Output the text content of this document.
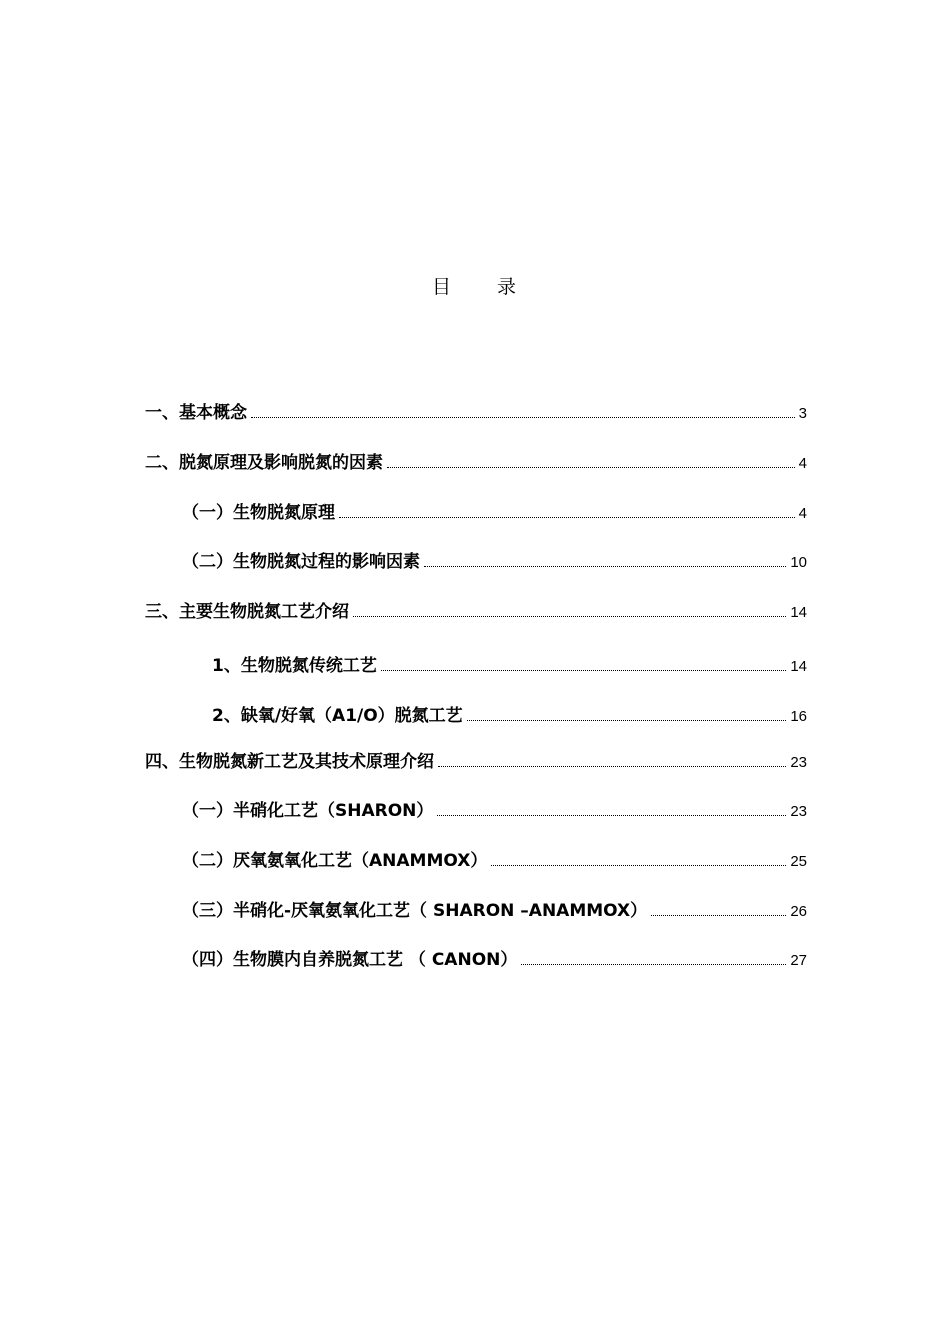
目 录
一、基本概念	3
二、脱氮原理及影响脱氮的因素	4
（一）生物脱氮原理	4
（二）生物脱氮过程的影响因素	10
三、主要生物脱氮工艺介绍	14
1、生物脱氮传统工艺	14
2、缺氧/好氧（A1/O）脱氮工艺	16
四、生物脱氮新工艺及其技术原理介绍	23
（一）半硝化工艺（SHARON）	23
（二）厌氧氨氧化工艺（ANAMMOX）	25
（三）半硝化-厌氧氨氧化工艺（ SHARON –ANAMMOX）	26
（四）生物膜内自养脱氮工艺 （ CANON）	27
